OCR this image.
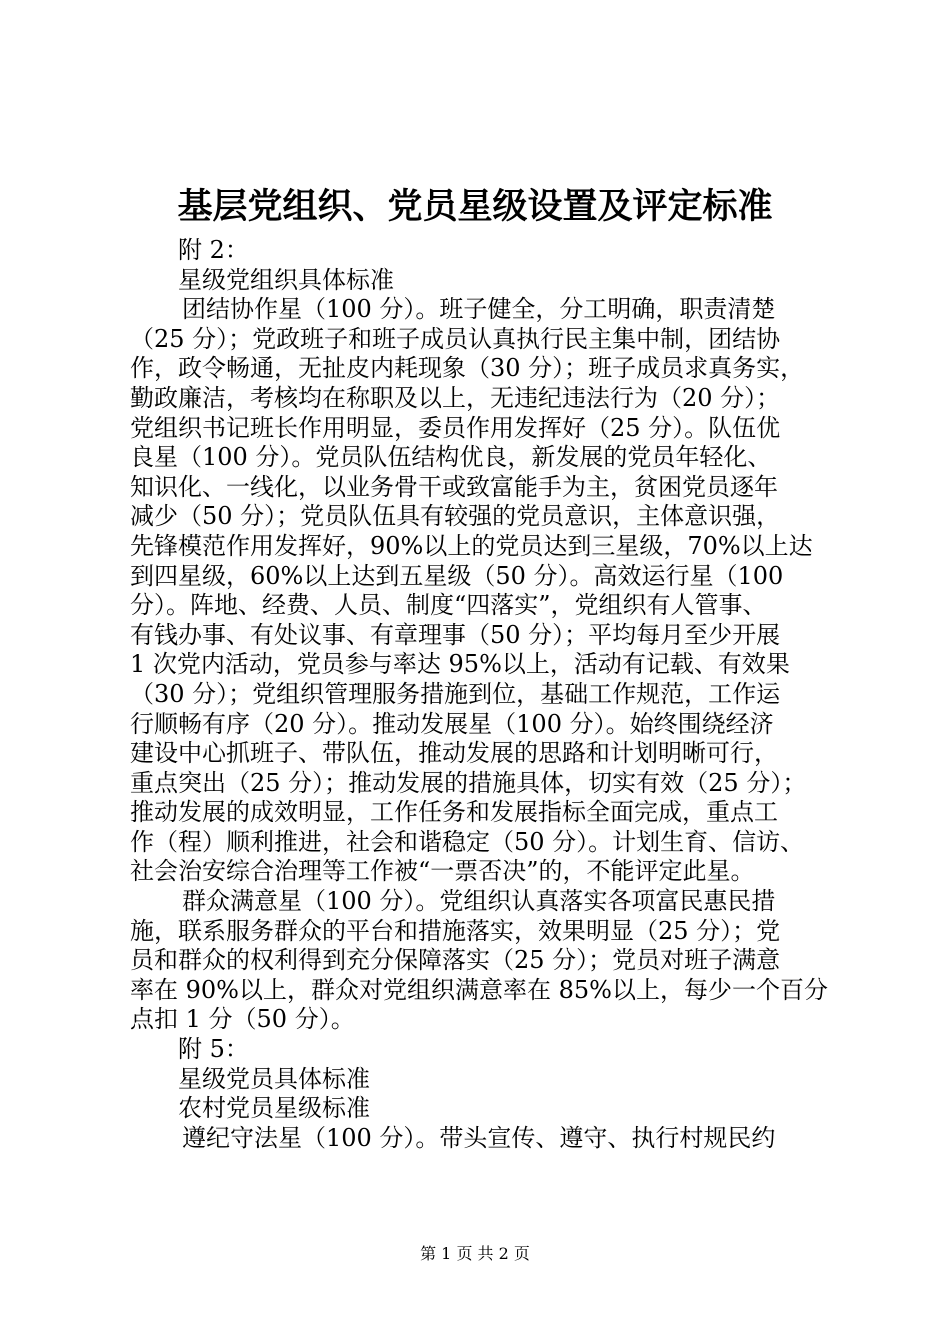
基层党组织、党员星级设置及评定标准
附 2：
星级党组织具体标准
团结协作星（100 分）。班子健全，分工明确，职责清楚
（25 分）；党政班子和班子成员认真执行民主集中制，团结协
作，政令畅通，无扯皮内耗现象（30 分）；班子成员求真务实，
勤政廉洁，考核均在称职及以上，无违纪违法行为（20 分）；
党组织书记班长作用明显，委员作用发挥好（25 分）。队伍优
良星（100 分）。党员队伍结构优良，新发展的党员年轻化、
知识化、一线化，以业务骨干或致富能手为主，贫困党员逐年
减少（50 分）；党员队伍具有较强的党员意识，主体意识强，
先锋模范作用发挥好，90%以上的党员达到三星级，70%以上达
到四星级，60%以上达到五星级（50 分）。高效运行星（100
分）。阵地、经费、人员、制度“四落实”，党组织有人管事、
有钱办事、有处议事、有章理事（50 分）；平均每月至少开展
1 次党内活动，党员参与率达 95%以上，活动有记载、有效果
（30 分）；党组织管理服务措施到位，基础工作规范，工作运
行顺畅有序（20 分）。推动发展星（100 分）。始终围绕经济
建设中心抓班子、带队伍，推动发展的思路和计划明晰可行，
重点突出（25 分）；推动发展的措施具体，切实有效（25 分）；
推动发展的成效明显，工作任务和发展指标全面完成，重点工
作（程）顺利推进，社会和谐稳定（50 分）。计划生育、信访、
社会治安综合治理等工作被“一票否决”的，不能评定此星。
群众满意星（100 分）。党组织认真落实各项富民惠民措
施，联系服务群众的平台和措施落实，效果明显（25 分）；党
员和群众的权利得到充分保障落实（25 分）；党员对班子满意
率在 90%以上，群众对党组织满意率在 85%以上，每少一个百分
点扣 1 分（50 分）。
附 5：
星级党员具体标准
农村党员星级标准
遵纪守法星（100 分）。带头宣传、遵守、执行村规民约
第 1 页 共 2 页
